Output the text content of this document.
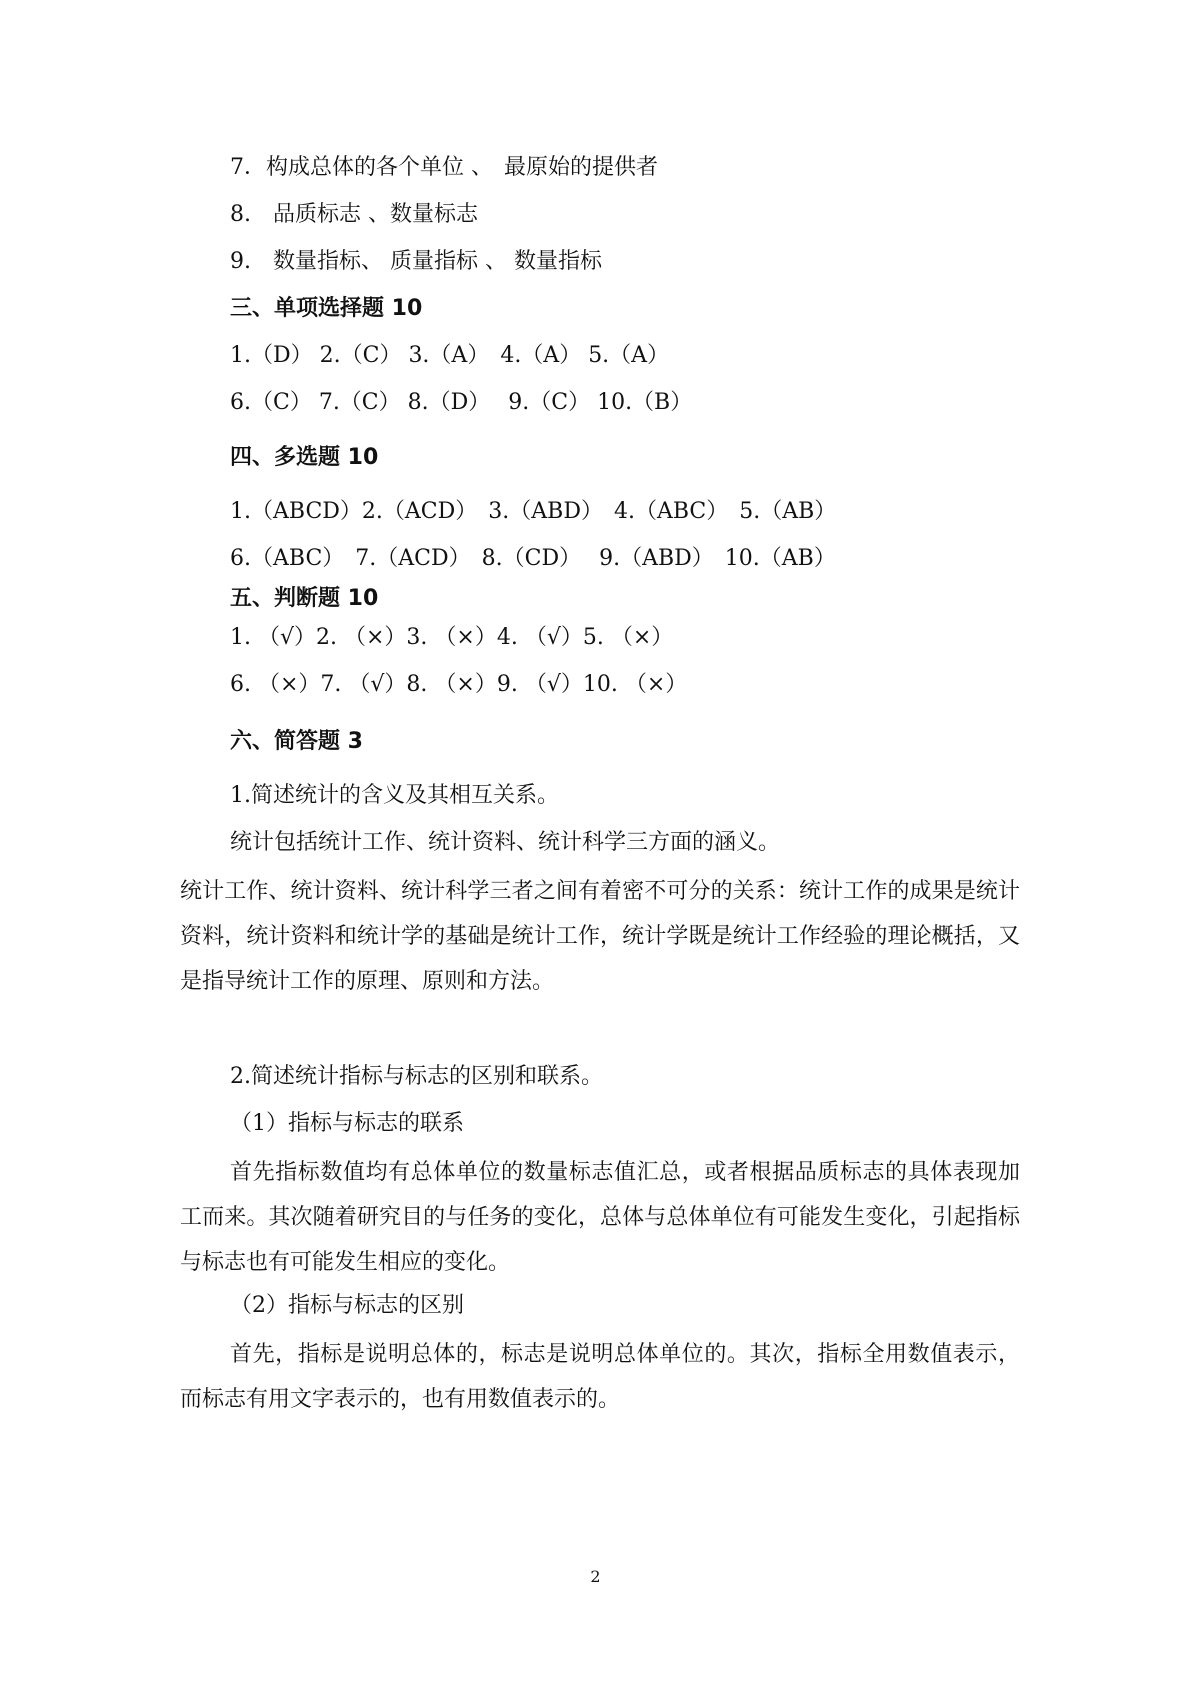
7．构成总体的各个单位 、　最原始的提供者

8.　品质标志 、数量标志

9.　数量指标、 质量指标 、 数量指标

三、单项选择题 10

1.（D） 2.（C） 3.（A）　4.（A） 5.（A）

6.（C） 7.（C） 8.（D）　 9.（C） 10.（B）

四、多选题 10

1.（ABCD）2.（ACD）　3.（ABD）　4.（ABC）　5.（AB）

6.（ABC）　7.（ACD）　8.（CD）　 9.（ABD）　10.（AB）

五、判断题 10

1. （√）2. （×）3. （×）4. （√）5. （×）

6. （×）7. （√）8. （×）9. （√）10. （×）

六、简答题 3

1.简述统计的含义及其相互关系。

统计包括统计工作、统计资料、统计科学三方面的涵义。

统计工作、统计资料、统计科学三者之间有着密不可分的关系：统计工作的成果是统计资料，统计资料和统计学的基础是统计工作，统计学既是统计工作经验的理论概括，又是指导统计工作的原理、原则和方法。

2.简述统计指标与标志的区别和联系。

（1）指标与标志的联系

首先指标数值均有总体单位的数量标志值汇总，或者根据品质标志的具体表现加工而来。其次随着研究目的与任务的变化，总体与总体单位有可能发生变化，引起指标与标志也有可能发生相应的变化。

（2）指标与标志的区别

首先，指标是说明总体的，标志是说明总体单位的。其次，指标全用数值表示，而标志有用文字表示的，也有用数值表示的。

2
